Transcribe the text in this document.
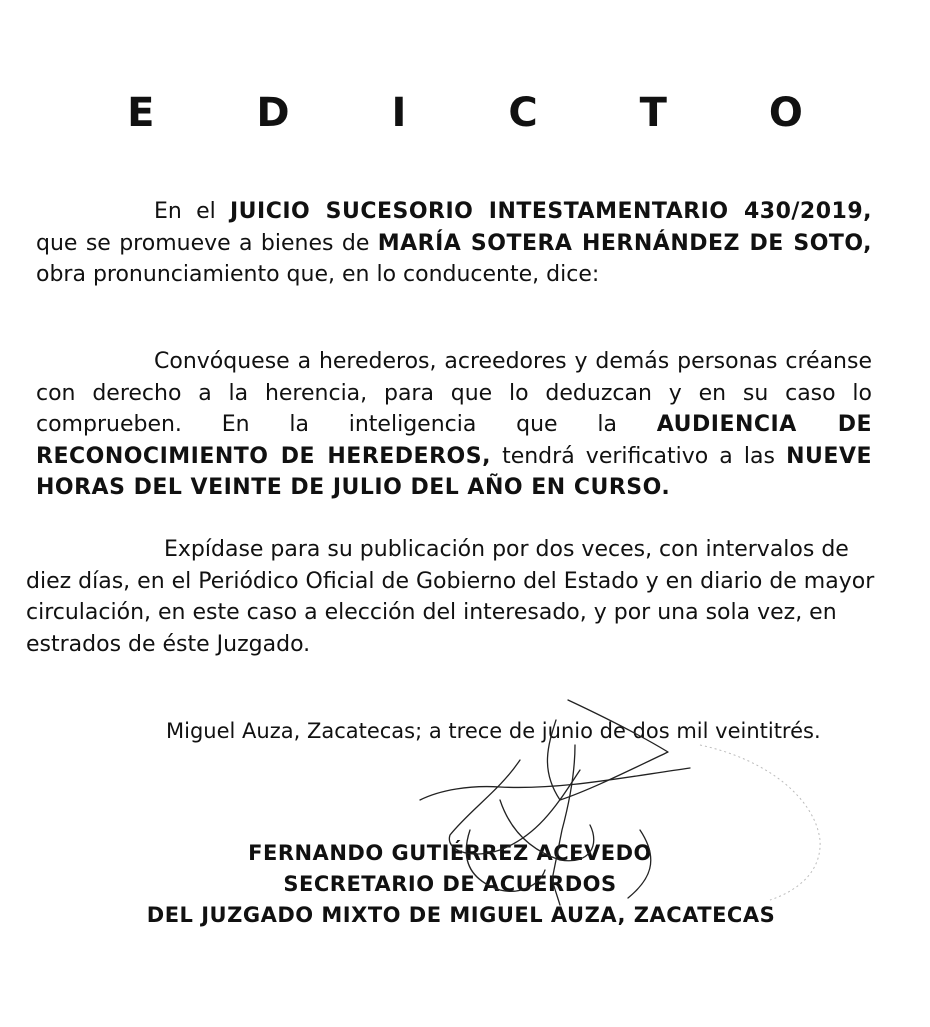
E D I C T O

En el JUICIO SUCESORIO INTESTAMENTARIO 430/2019, que se promueve a bienes de MARÍA SOTERA HERNÁNDEZ DE SOTO, obra pronunciamiento que, en lo conducente, dice:

Convóquese a herederos, acreedores y demás personas créanse con derecho a la herencia, para que lo deduzcan y en su caso lo comprueben. En la inteligencia que la AUDIENCIA DE RECONOCIMIENTO DE HEREDEROS, tendrá verificativo a las NUEVE HORAS DEL VEINTE DE JULIO DEL AÑO EN CURSO.

Expídase para su publicación por dos veces, con intervalos de diez días, en el Periódico Oficial de Gobierno del Estado y en diario de mayor circulación, en este caso a elección del interesado, y por una sola vez, en estrados de éste Juzgado.

Miguel Auza, Zacatecas; a trece de junio de dos mil veintitrés.
FERNANDO GUTIÉRREZ ACEVEDO
SECRETARIO DE ACUERDOS
DEL JUZGADO MIXTO DE MIGUEL AUZA, ZACATECAS
